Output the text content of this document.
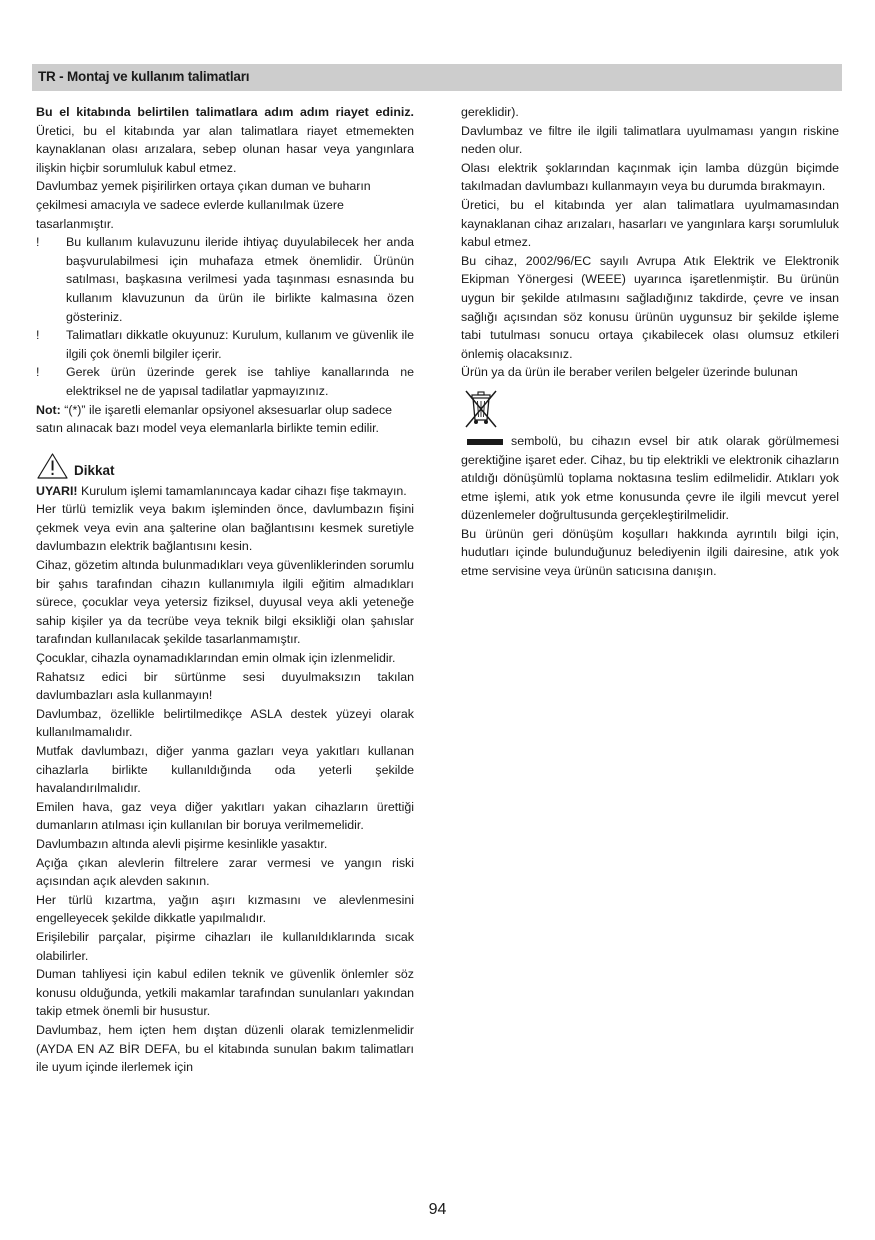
TR - Montaj ve kullanım talimatları

Bu el kitabında belirtilen talimatlara adım adım riayet ediniz. Üretici, bu el kitabında yar alan talimatlara riayet etmemekten kaynaklanan olası arızalara, sebep olunan hasar veya yangınlara ilişkin hiçbir sorumluluk kabul etmez.

Davlumbaz yemek pişirilirken ortaya çıkan duman ve buharın çekilmesi amacıyla ve sadece evlerde kullanılmak üzere tasarlanmıştır.

! Bu kullanım kulavuzunu ileride ihtiyaç duyulabilecek her anda başvurulabilmesi için muhafaza etmek önemlidir. Ürünün satılması, başkasına verilmesi yada taşınması esnasında bu kullanım klavuzunun da ürün ile birlikte kalmasına özen gösteriniz.

! Talimatları dikkatle okuyunuz: Kurulum, kullanım ve güvenlik ile ilgili çok önemli bilgiler içerir.

! Gerek ürün üzerinde gerek ise tahliye kanallarında ne elektriksel ne de yapısal tadilatlar yapmayızınız.

Not: “(*)” ile işaretli elemanlar opsiyonel aksesuarlar olup sadece satın alınacak bazı model veya elemanlarla birlikte temin edilir.

Dikkat

UYARI! Kurulum işlemi tamamlanıncaya kadar cihazı fişe takmayın.

Her türlü temizlik veya bakım işleminden önce, davlumbazın fişini çekmek veya evin ana şalterine olan bağlantısını kesmek suretiyle davlumbazın elektrik bağlantısını kesin.

Cihaz, gözetim altında bulunmadıkları veya güvenliklerinden sorumlu bir şahıs tarafından cihazın kullanımıyla ilgili eğitim almadıkları sürece, çocuklar veya yetersiz fiziksel, duyusal veya akli yeteneğe sahip kişiler ya da tecrübe veya teknik bilgi eksikliği olan şahıslar tarafından kullanılacak şekilde tasarlanmamıştır.

Çocuklar, cihazla oynamadıklarından emin olmak için izlenmelidir.

Rahatsız edici bir sürtünme sesi duyulmaksızın takılan davlumbazları asla kullanmayın!

Davlumbaz, özellikle belirtilmedikçe ASLA destek yüzeyi olarak kullanılmamalıdır.

Mutfak davlumbazı, diğer yanma gazları veya yakıtları kullanan cihazlarla birlikte kullanıldığında oda yeterli şekilde havalandırılmalıdır.

Emilen hava, gaz veya diğer yakıtları yakan cihazların ürettiği dumanların atılması için kullanılan bir boruya verilmemelidir.

Davlumbazın altında alevli pişirme kesinlikle yasaktır.

Açığa çıkan alevlerin filtrelere zarar vermesi ve yangın riski açısından açık alevden sakının.

Her türlü kızartma, yağın aşırı kızmasını ve alevlenmesini engelleyecek şekilde dikkatle yapılmalıdır.

Erişilebilir parçalar, pişirme cihazları ile kullanıldıklarında sıcak olabilirler.

Duman tahliyesi için kabul edilen teknik ve güvenlik önlemler söz konusu olduğunda, yetkili makamlar tarafından sunulanları yakından takip etmek önemli bir husustur.

Davlumbaz, hem içten hem dıştan düzenli olarak temizlenmelidir (AYDA EN AZ BİR DEFA, bu el kitabında sunulan bakım talimatları ile uyum içinde ilerlemek için

gereklidir).

Davlumbaz ve filtre ile ilgili talimatlara uyulmaması yangın riskine neden olur.

Olası elektrik şoklarından kaçınmak için lamba düzgün biçimde takılmadan davlumbazı kullanmayın veya bu durumda bırakmayın.

Üretici, bu el kitabında yer alan talimatlara uyulmamasından kaynaklanan cihaz arızaları, hasarları ve yangınlara karşı sorumluluk kabul etmez.

Bu cihaz, 2002/96/EC sayılı Avrupa Atık Elektrik ve Elektronik Ekipman Yönergesi (WEEE) uyarınca işaretlenmiştir. Bu ürünün uygun bir şekilde atılmasını sağladığınız takdirde, çevre ve insan sağlığı açısından söz konusu ürünün uygunsuz bir şekilde işleme tabi tutulması sonucu ortaya çıkabilecek olası olumsuz etkileri önlemiş olacaksınız.

Ürün ya da ürün ile beraber verilen belgeler üzerinde bulunan

sembolü, bu cihazın evsel bir atık olarak görülmemesi gerektiğine işaret eder. Cihaz, bu tip elektrikli ve elektronik cihazların atıldığı dönüşümlü toplama noktasına teslim edilmelidir. Atıkları yok etme işlemi, atık yok etme konusunda çevre ile ilgili mevcut yerel düzenlemeler doğrultusunda gerçekleştirilmelidir.

Bu ürünün geri dönüşüm koşulları hakkında ayrıntılı bilgi için, hudutları içinde bulunduğunuz belediyenin ilgili dairesine, atık yok etme servisine veya ürünün satıcısına danışın.

94
